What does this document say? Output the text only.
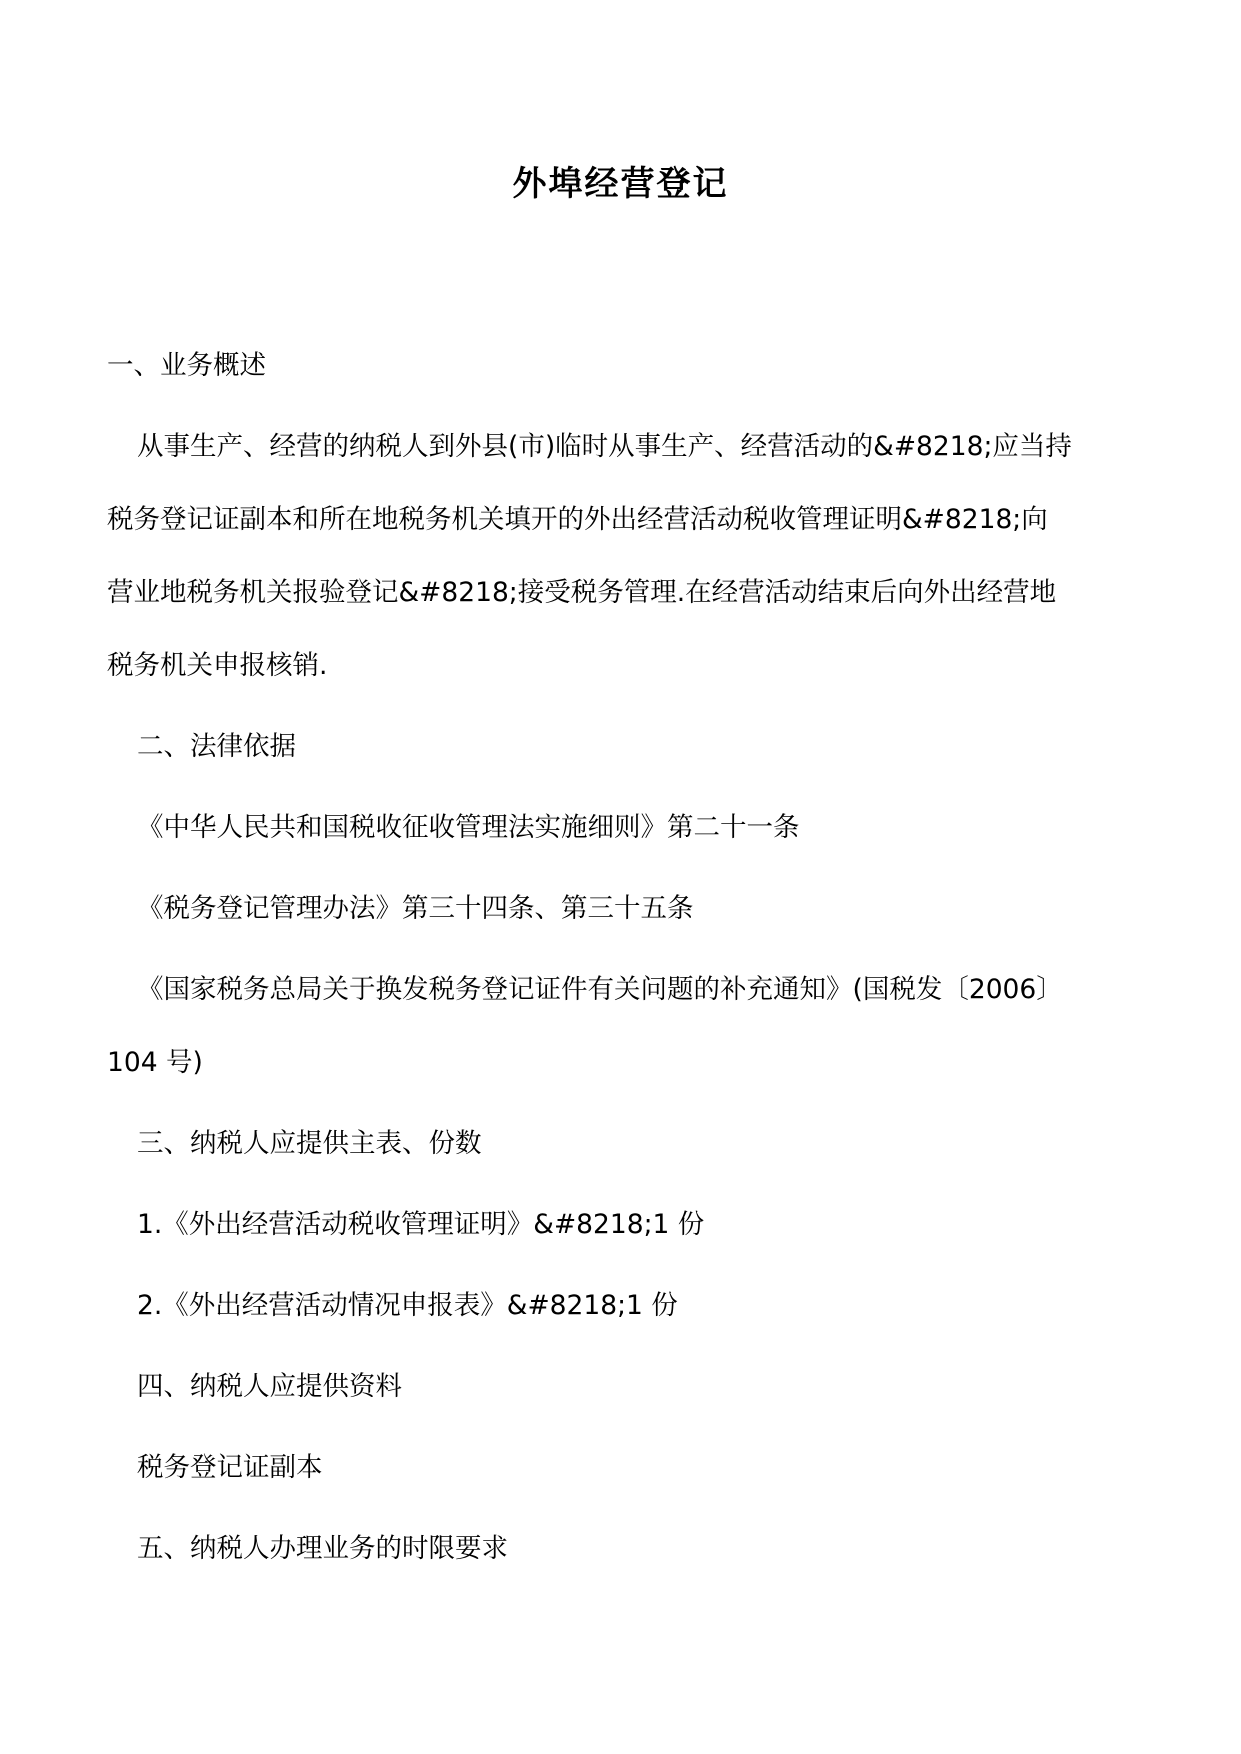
外埠经营登记

一、业务概述

从事生产、经营的纳税人到外县(市)临时从事生产、经营活动的&#8218;应当持

税务登记证副本和所在地税务机关填开的外出经营活动税收管理证明&#8218;向

营业地税务机关报验登记&#8218;接受税务管理.在经营活动结束后向外出经营地

税务机关申报核销.

二、法律依据

《中华人民共和国税收征收管理法实施细则》第二十一条

《税务登记管理办法》第三十四条、第三十五条

《国家税务总局关于换发税务登记证件有关问题的补充通知》(国税发〔2006〕

104 号)

三、纳税人应提供主表、份数

1.《外出经营活动税收管理证明》&#8218;1 份

2.《外出经营活动情况申报表》&#8218;1 份

四、纳税人应提供资料

税务登记证副本

五、纳税人办理业务的时限要求
